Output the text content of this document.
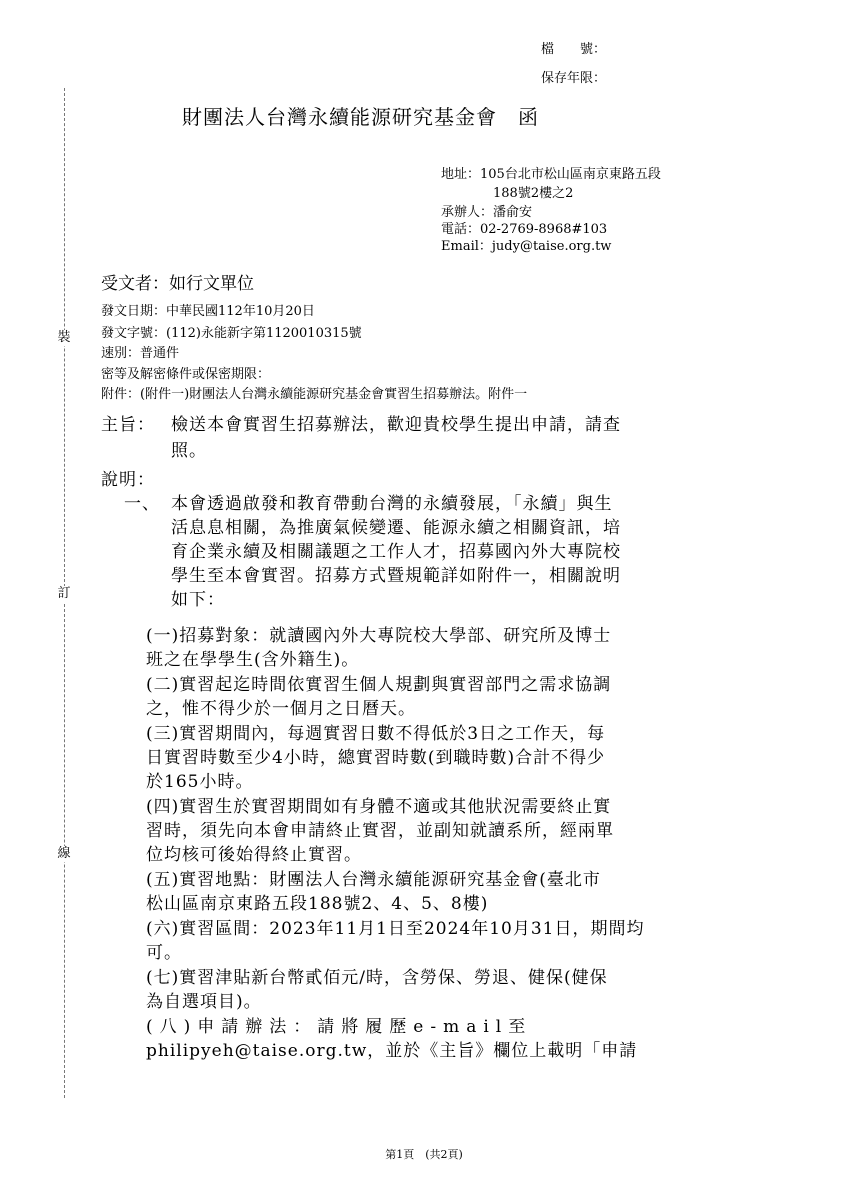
裝
訂
線
檔　　號：
保存年限：
財團法人台灣永續能源研究基金會　函
地址：105台北市松山區南京東路五段
188號2樓之2
承辦人：潘俞安
電話：02-2769-8968#103
Email：judy@taise.org.tw
受文者：如行文單位
發文日期：中華民國112年10月20日
發文字號：(112)永能新字第1120010315號
速別：普通件
密等及解密條件或保密期限：
附件：(附件一)財團法人台灣永續能源研究基金會實習生招募辦法。附件一
主旨： 檢送本會實習生招募辦法，歡迎貴校學生提出申請，請查
照。
說明：
一、 本會透過啟發和教育帶動台灣的永續發展，「永續」與生
活息息相關，為推廣氣候變遷、能源永續之相關資訊，培
育企業永續及相關議題之工作人才，招募國內外大專院校
學生至本會實習。招募方式暨規範詳如附件一，相關說明
如下：
(一)招募對象：就讀國內外大專院校大學部、研究所及博士
班之在學學生(含外籍生)。
(二)實習起迄時間依實習生個人規劃與實習部門之需求協調
之，惟不得少於一個月之日曆天。
(三)實習期間內，每週實習日數不得低於3日之工作天，每
日實習時數至少4小時，總實習時數(到職時數)合計不得少
於165小時。
(四)實習生於實習期間如有身體不適或其他狀況需要終止實
習時，須先向本會申請終止實習，並副知就讀系所，經兩單
位均核可後始得終止實習。
(五)實習地點：財團法人台灣永續能源研究基金會(臺北市
松山區南京東路五段188號2、4、5、8樓)
(六)實習區間：2023年11月1日至2024年10月31日，期間均
可。
(七)實習津貼新台幣貳佰元/時，含勞保、勞退、健保(健保
為自選項目)。
(八)申請辦法：請將履歷e-mail至
philipyeh@taise.org.tw，並於《主旨》欄位上載明「申請
第1頁　(共2頁)
